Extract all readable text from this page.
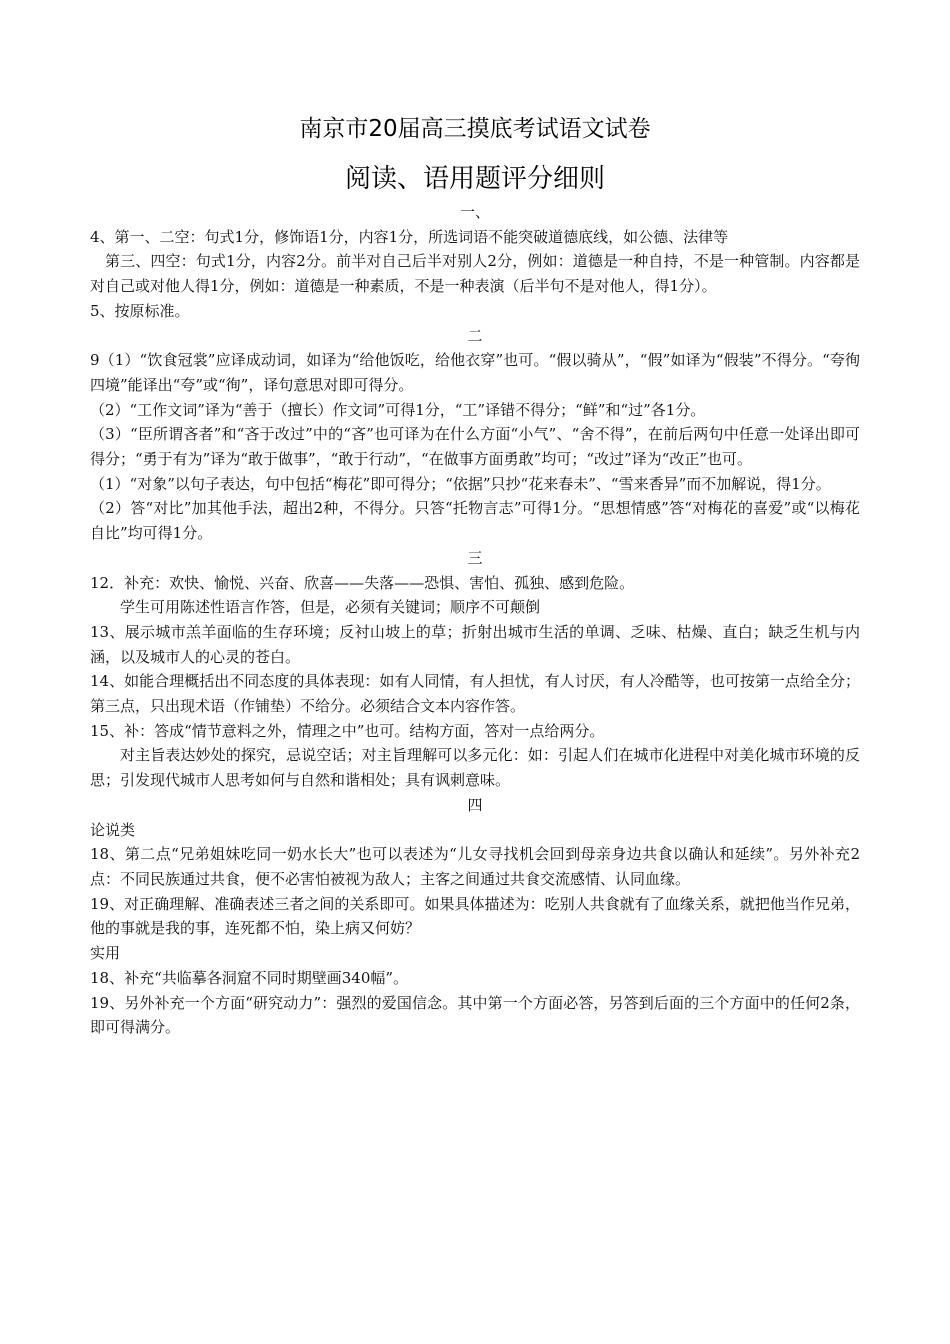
南京市20届高三摸底考试语文试卷
阅读、语用题评分细则

一、

4、第一、二空：句式1分，修饰语1分，内容1分，所选词语不能突破道德底线，如公德、法律等

第三、四空：句式1分，内容2分。前半对自己后半对别人2分，例如：道德是一种自持，不是一种管制。内容都是对自己或对他人得1分，例如：道德是一种素质，不是一种表演（后半句不是对他人，得1分）。

5、按原标准。

二

9（1）“饮食冠裳”应译成动词，如译为“给他饭吃，给他衣穿”也可。“假以骑从”，“假”如译为“假装”不得分。“夸徇四境”能译出“夸”或“徇”，译句意思对即可得分。

（2）“工作文词”译为“善于（擅长）作文词”可得1分，“工”译错不得分；“鲜”和“过”各1分。

（3）“臣所谓吝者”和“吝于改过”中的“吝”也可译为在什么方面“小气”、“舍不得”，在前后两句中任意一处译出即可得分；“勇于有为”译为“敢于做事”，“敢于行动”，“在做事方面勇敢”均可；“改过”译为“改正”也可。

（1）“对象”以句子表达，句中包括“梅花”即可得分；“依据”只抄“花来春未”、“雪来香异”而不加解说，得1分。

（2）答“对比”加其他手法，超出2种，不得分。只答“托物言志”可得1分。“思想情感”答“对梅花的喜爱”或“以梅花自比”均可得1分。

三

12．补充：欢快、愉悦、兴奋、欣喜——失落——恐惧、害怕、孤独、感到危险。

学生可用陈述性语言作答，但是，必须有关键词；顺序不可颠倒

13、展示城市羔羊面临的生存环境；反衬山坡上的草；折射出城市生活的单调、乏味、枯燥、直白；缺乏生机与内涵，以及城市人的心灵的苍白。

14、如能合理概括出不同态度的具体表现：如有人同情，有人担忧，有人讨厌，有人冷酷等，也可按第一点给全分；第三点，只出现术语（作铺垫）不给分。必须结合文本内容作答。

15、补：答成“情节意料之外，情理之中”也可。结构方面，答对一点给两分。

对主旨表达妙处的探究，忌说空话；对主旨理解可以多元化：如：引起人们在城市化进程中对美化城市环境的反思；引发现代城市人思考如何与自然和谐相处；具有讽刺意味。

四

论说类

18、第二点“兄弟姐妹吃同一奶水长大”也可以表述为“儿女寻找机会回到母亲身边共食以确认和延续”。另外补充2点：不同民族通过共食，便不必害怕被视为敌人；主客之间通过共食交流感情、认同血缘。

19、对正确理解、准确表述三者之间的关系即可。如果具体描述为：吃别人共食就有了血缘关系，就把他当作兄弟，他的事就是我的事，连死都不怕，染上病又何妨？

实用

18、补充“共临摹各洞窟不同时期壁画340幅”。

19、另外补充一个方面“研究动力”：强烈的爱国信念。其中第一个方面必答，另答到后面的三个方面中的任何2条，即可得满分。
